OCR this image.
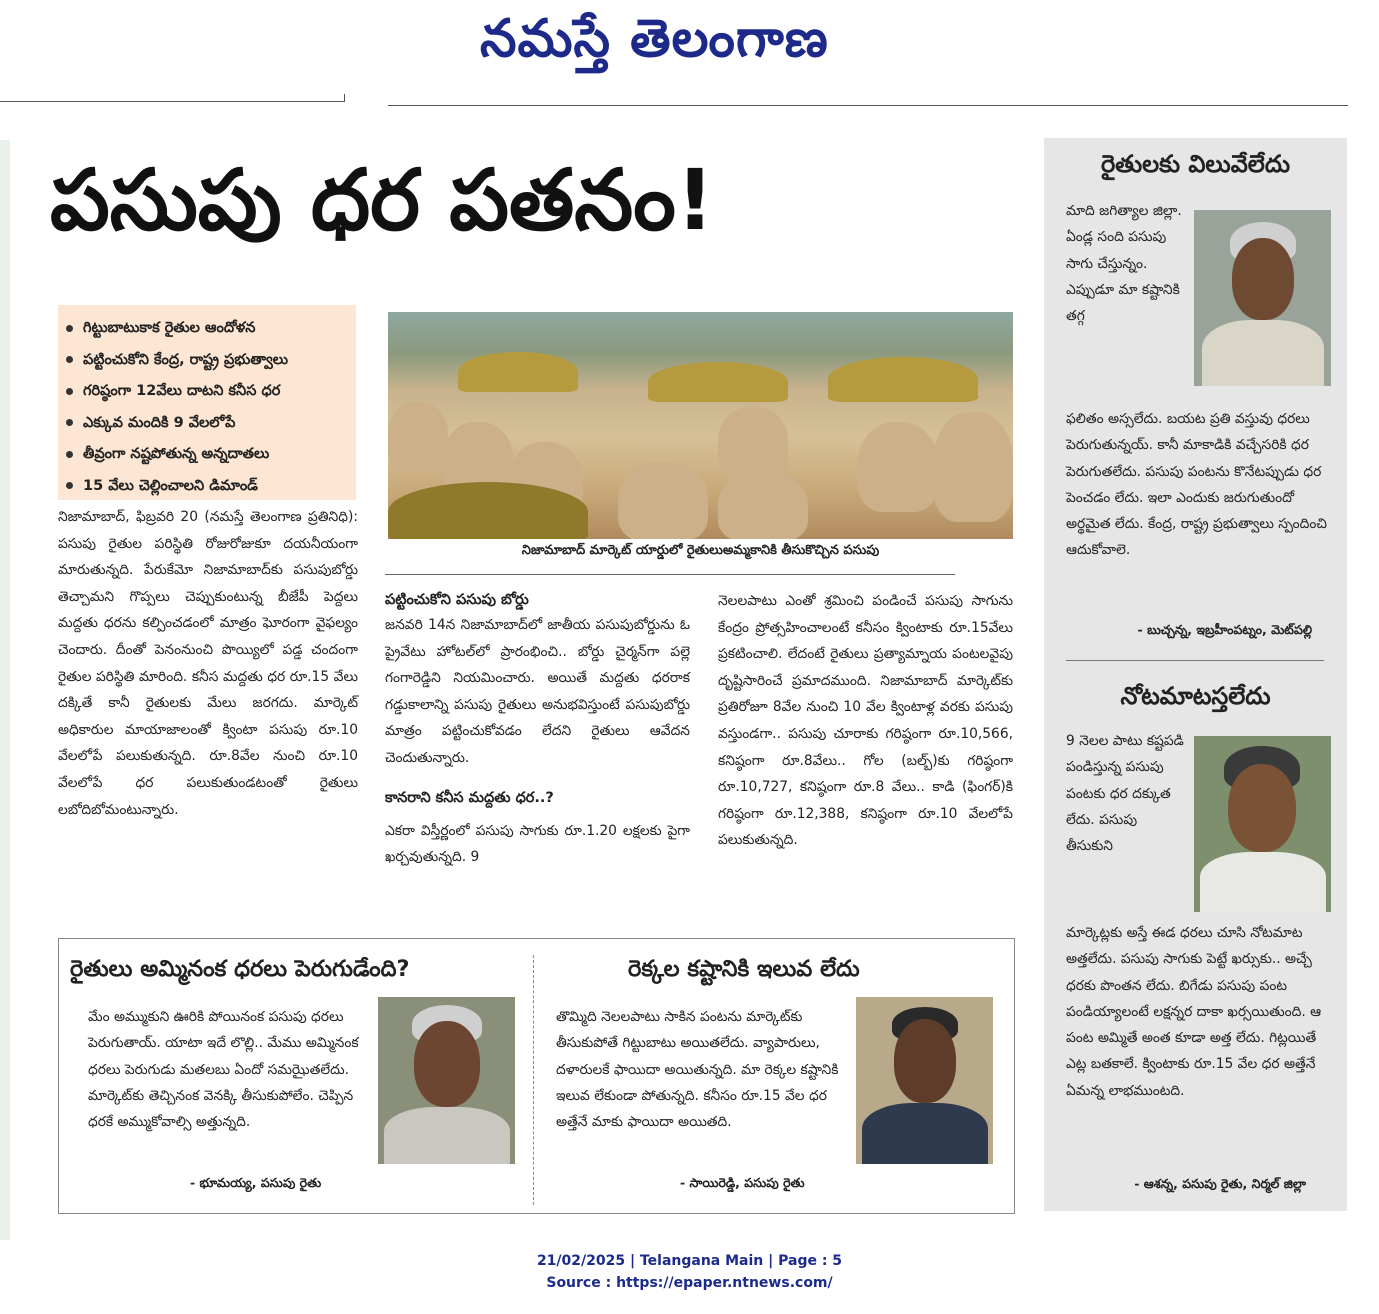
నమస్తే తెలంగాణ
పసుపు ధర పతనం!
గిట్టుబాటుకాక రైతుల ఆందోళన
పట్టించుకోని కేంద్ర, రాష్ట్ర ప్రభుత్వాలు
గరిష్ఠంగా 12వేలు దాటని కనీస ధర
ఎక్కువ మందికి 9 వేలలోపే
తీవ్రంగా నష్టపోతున్న అన్నదాతలు
15 వేలు చెల్లించాలని డిమాండ్
నిజామాబాద్ మార్కెట్ యార్డులో రైతులుఅమ్మకానికి తీసుకొచ్చిన పసుపు

నిజామాబాద్, ఫిబ్రవరి 20 (నమస్తే తెలంగాణ ప్రతినిధి): పసుపు రైతుల పరిస్థితి రోజురోజుకూ దయనీయంగా మారుతున్నది. పేరుకేమో నిజామాబాద్‌కు పసుపుబోర్డు తెచ్చామని గొప్పలు చెప్పుకుంటున్న బీజేపీ పెద్దలు మద్దతు ధరను కల్పించడంలో మాత్రం ఘోరంగా వైఫల్యం చెందారు. దీంతో పెనంనుంచి పొయ్యిలో పడ్డ చందంగా రైతుల పరిస్థితి మారింది. కనీస మద్దతు ధర రూ.15 వేలు దక్కితే కానీ రైతులకు మేలు జరగదు. మార్కెట్ అధికారుల మాయాజాలంతో క్వింటా పసుపు రూ.10 వేలలోపే పలుకుతున్నది. రూ.8వేల నుంచి రూ.10 వేలలోపే ధర పలుకుతుండటంతో రైతులు లబోదిబోమంటున్నారు.

పట్టించుకోని పసుపు బోర్డు

జనవరి 14న నిజామాబాద్‌లో జాతీయ పసుపుబోర్డును ఓ ప్రైవేటు హోటల్‌లో ప్రారంభించి.. బోర్డు చైర్మన్‌గా పల్లె గంగారెడ్డిని నియమించారు. అయితే మద్దతు ధరరాక గడ్డుకాలాన్ని పసుపు రైతులు అనుభవిస్తుంటే పసుపుబోర్డు మాత్రం పట్టించుకోవడం లేదని రైతులు ఆవేదన చెందుతున్నారు.

కానరాని కనీస మద్దతు ధర..?

ఎకరా విస్తీర్ణంలో పసుపు సాగుకు రూ.1.20 లక్షలకు పైగా ఖర్చవుతున్నది. 9

నెలలపాటు ఎంతో శ్రమించి పండించే పసుపు సాగును కేంద్రం ప్రోత్సహించాలంటే కనీసం క్వింటాకు రూ.15వేలు ప్రకటించాలి. లేదంటే రైతులు ప్రత్యామ్నాయ పంటలవైపు దృష్టిసారించే ప్రమాదముంది. నిజామాబాద్ మార్కెట్‌కు ప్రతిరోజూ 8వేల నుంచి 10 వేల క్వింటాళ్ల వరకు పసుపు వస్తుండగా.. పసుపు చూరాకు గరిష్ఠంగా రూ.10,566, కనిష్ఠంగా రూ.8వేలు.. గోల (బల్బ్)కు గరిష్ఠంగా రూ.10,727, కనిష్ఠంగా రూ.8 వేలు.. కాడి (ఫింగర్)కి గరిష్ఠంగా రూ.12,388, కనిష్ఠంగా రూ.10 వేలలోపే పలుకుతున్నది.

రైతులకు విలువేలేదు
మాది జగిత్యాల జిల్లా. ఏండ్ల సంది పసుపు సాగు చేస్తున్నం. ఎప్పుడూ మా కష్టానికి తగ్గ
ఫలితం అస్సలేదు. బయట ప్రతి వస్తువు ధరలు పెరుగుతున్నయ్. కానీ మాకాడికి వచ్చేసరికి ధర పెరుగుతలేదు. పసుపు పంటను కొనేటప్పుడు ధర పెంచడం లేదు. ఇలా ఎందుకు జరుగుతుందో అర్థమైత లేదు. కేంద్ర, రాష్ట్ర ప్రభుత్వాలు స్పందించి ఆదుకోవాలె.
- బుచ్చన్న, ఇబ్రహీంపట్నం, మెట్‌పల్లి
నోటమాటస్తలేదు
9 నెలల పాటు కష్టపడి పండిస్తున్న పసుపు పంటకు ధర దక్కుత లేదు. పసుపు తీసుకుని
మార్కెట్లకు అస్తే ఈడ ధరలు చూసి నోటమాట అత్తలేదు. పసుపు సాగుకు పెట్టే ఖర్సుకు.. అచ్చే ధరకు పొంతన లేదు. బిగేడు పసుపు పంట పండియ్యాలంటే లక్షన్నర దాకా ఖర్సయితుంది. ఆ పంట అమ్మితే అంత కూడా అత్త లేదు. గిట్లయితే ఎట్ల బతకాలే. క్వింటాకు రూ.15 వేల ధర అత్తేనే ఏమన్న లాభముంటది.
- ఆశన్న, పసుపు రైతు, నిర్మల్ జిల్లా
రైతులు అమ్మినంక ధరలు పెరుగుడేంది?
మేం అమ్ముకుని ఊరికి పోయినంక పసుపు ధరలు పెరుగుతాయ్. యాటా ఇదే లొల్లి.. మేము అమ్మినంక ధరలు పెరుగుడు మతలబు ఏందో సమఝైతలేదు. మార్కెట్‌కు తెచ్చినంక వెనక్కి తీసుకుపోలేం. చెప్పిన ధరకే అమ్ముకోవాల్సి అత్తున్నది.
- భూమయ్య, పసుపు రైతు
రెక్కల కష్టానికి ఇలువ లేదు
తొమ్మిది నెలలపాటు సాకిన పంటను మార్కెట్‌కు తీసుకుపోతే గిట్టుబాటు అయితలేదు. వ్యాపారులు, దళారులకే ఫాయిదా అయితున్నది. మా రెక్కల కష్టానికి ఇలువ లేకుండా పోతున్నది. కనీసం రూ.15 వేల ధర అత్తేనే మాకు ఫాయిదా అయితది.
- సాయిరెడ్డి, పసుపు రైతు
21/02/2025 | Telangana Main | Page : 5
Source : https://epaper.ntnews.com/
